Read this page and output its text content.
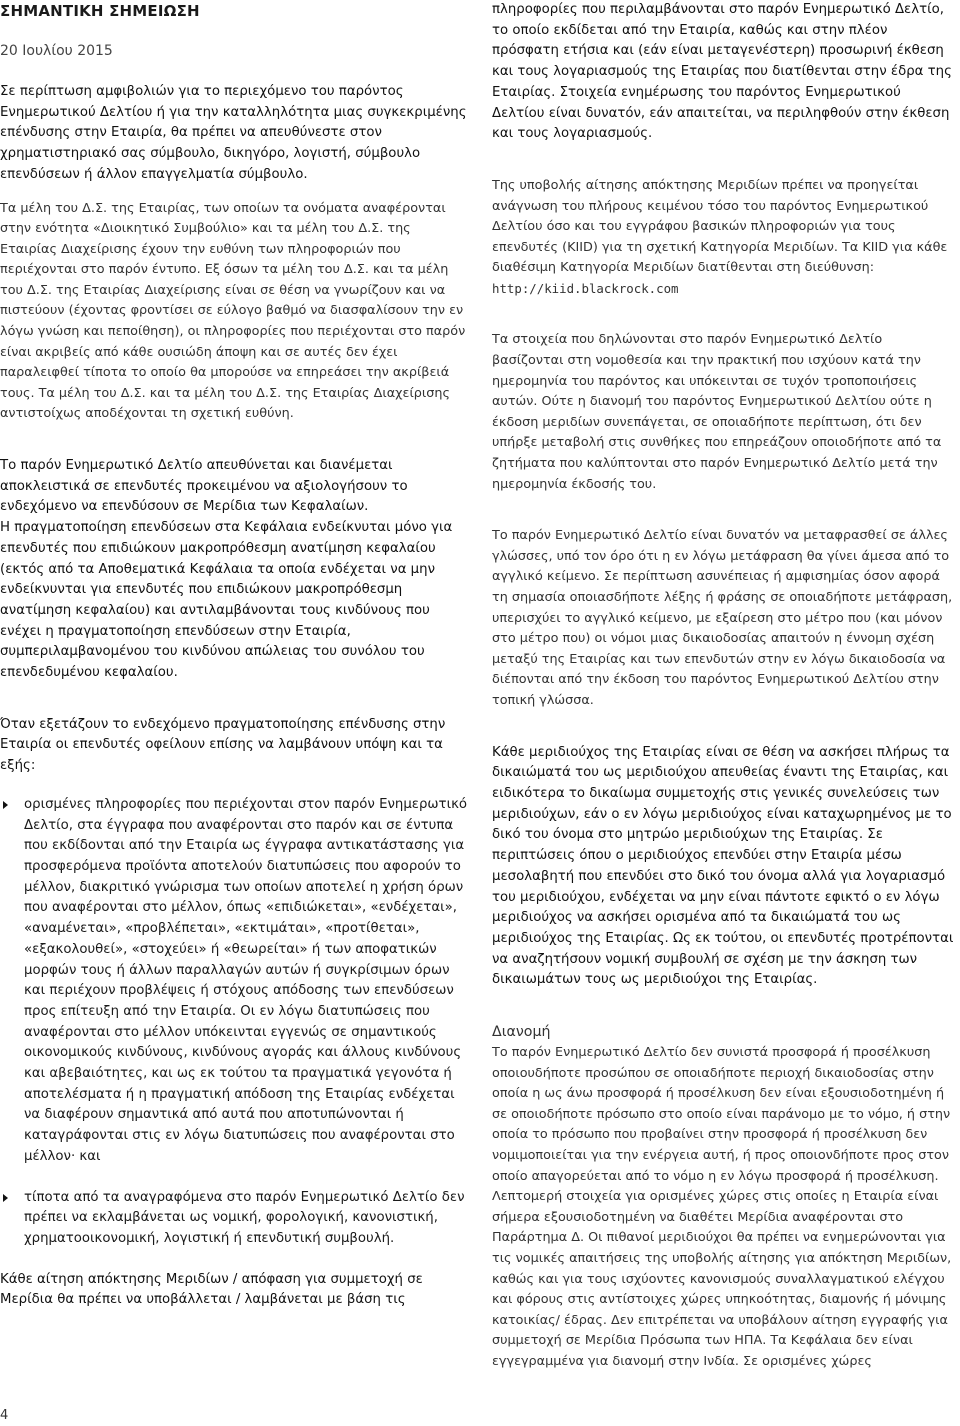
ΣΗΜΑΝΤΙΚΗ ΣΗΜΕΙΩΣΗ
20 Ιουλίου 2015

Σε περίπτωση αμφιβολιών για το περιεχόμενο του παρόντος Ενημερωτικού Δελτίου ή για την καταλληλότητα μιας συγκεκριμένης επένδυσης στην Εταιρία, θα πρέπει να απευθύνεστε στον χρηματιστηριακό σας σύμβουλο, δικηγόρο, λογιστή, σύμβουλο επενδύσεων ή άλλον επαγγελματία σύμβουλο.

Τα μέλη του Δ.Σ. της Εταιρίας, των οποίων τα ονόματα αναφέρονται στην ενότητα «Διοικητικό Συμβούλιο» και τα μέλη του Δ.Σ. της Εταιρίας Διαχείρισης έχουν την ευθύνη των πληροφοριών που περιέχονται στο παρόν έντυπο. Εξ όσων τα μέλη του Δ.Σ. και τα μέλη του Δ.Σ. της Εταιρίας Διαχείρισης είναι σε θέση να γνωρίζουν και να πιστεύουν (έχοντας φροντίσει σε εύλογο βαθμό να διασφαλίσουν την εν λόγω γνώση και πεποίθηση), οι πληροφορίες που περιέχονται στο παρόν είναι ακριβείς από κάθε ουσιώδη άποψη και σε αυτές δεν έχει παραλειφθεί τίποτα το οποίο θα μπορούσε να επηρεάσει την ακρίβειά τους. Τα μέλη του Δ.Σ. και τα μέλη του Δ.Σ. της Εταιρίας Διαχείρισης αντιστοίχως αποδέχονται τη σχετική ευθύνη.

Το παρόν Ενημερωτικό Δελτίο απευθύνεται και διανέμεται αποκλειστικά σε επενδυτές προκειμένου να αξιολογήσουν το ενδεχόμενο να επενδύσουν σε Μερίδια των Κεφαλαίων.

Η πραγματοποίηση επενδύσεων στα Κεφάλαια ενδείκνυται μόνο για επενδυτές που επιδιώκουν μακροπρόθεσμη ανατίμηση κεφαλαίου (εκτός από τα Αποθεματικά Κεφάλαια τα οποία ενδέχεται να μην ενδείκνυνται για επενδυτές που επιδιώκουν μακροπρόθεσμη ανατίμηση κεφαλαίου) και αντιλαμβάνονται τους κινδύνους που ενέχει η πραγματοποίηση επενδύσεων στην Εταιρία, συμπεριλαμβανομένου του κινδύνου απώλειας του συνόλου του επενδεδυμένου κεφαλαίου.

Όταν εξετάζουν το ενδεχόμενο πραγματοποίησης επένδυσης στην Εταιρία οι επενδυτές οφείλουν επίσης να λαμβάνουν υπόψη και τα εξής:

ορισμένες πληροφορίες που περιέχονται στον παρόν Ενημερωτικό Δελτίο, στα έγγραφα που αναφέρονται στο παρόν και σε έντυπα που εκδίδονται από την Εταιρία ως έγγραφα αντικατάστασης για προσφερόμενα προϊόντα αποτελούν διατυπώσεις που αφορούν το μέλλον, διακριτικό γνώρισμα των οποίων αποτελεί η χρήση όρων που αναφέρονται στο μέλλον, όπως «επιδιώκεται», «ενδέχεται», «αναμένεται», «προβλέπεται», «εκτιμάται», «προτίθεται», «εξακολουθεί», «στοχεύει» ή «θεωρείται» ή των αποφατικών μορφών τους ή άλλων παραλλαγών αυτών ή συγκρίσιμων όρων και περιέχουν προβλέψεις ή στόχους απόδοσης των επενδύσεων προς επίτευξη από την Εταιρία. Οι εν λόγω διατυπώσεις που αναφέρονται στο μέλλον υπόκεινται εγγενώς σε σημαντικούς οικονομικούς κινδύνους, κινδύνους αγοράς και άλλους κινδύνους και αβεβαιότητες, και ως εκ τούτου τα πραγματικά γεγονότα ή αποτελέσματα ή η πραγματική απόδοση της Εταιρίας ενδέχεται να διαφέρουν σημαντικά από αυτά που αποτυπώνονται ή καταγράφονται στις εν λόγω διατυπώσεις που αναφέρονται στο μέλλον· και
τίποτα από τα αναγραφόμενα στο παρόν Ενημερωτικό Δελτίο δεν πρέπει να εκλαμβάνεται ως νομική, φορολογική, κανονιστική, χρηματοοικονομική, λογιστική ή επενδυτική συμβουλή.

Κάθε αίτηση απόκτησης Μεριδίων / απόφαση για συμμετοχή σε Μερίδια θα πρέπει να υποβάλλεται / λαμβάνεται με βάση τις

πληροφορίες που περιλαμβάνονται στο παρόν Ενημερωτικό Δελτίο, το οποίο εκδίδεται από την Εταιρία, καθώς και στην πλέον πρόσφατη ετήσια και (εάν είναι μεταγενέστερη) προσωρινή έκθεση και τους λογαριασμούς της Εταιρίας που διατίθενται στην έδρα της Εταιρίας. Στοιχεία ενημέρωσης του παρόντος Ενημερωτικού Δελτίου είναι δυνατόν, εάν απαιτείται, να περιληφθούν στην έκθεση και τους λογαριασμούς.

Της υποβολής αίτησης απόκτησης Μεριδίων πρέπει να προηγείται ανάγνωση του πλήρους κειμένου τόσο του παρόντος Ενημερωτικού Δελτίου όσο και του εγγράφου βασικών πληροφοριών για τους επενδυτές (KIID) για τη σχετική Κατηγορία Μεριδίων. Τα KIID για κάθε διαθέσιμη Κατηγορία Μεριδίων διατίθενται στη διεύθυνση:

http://kiid.blackrock.com

Τα στοιχεία που δηλώνονται στο παρόν Ενημερωτικό Δελτίο βασίζονται στη νομοθεσία και την πρακτική που ισχύουν κατά την ημερομηνία του παρόντος και υπόκεινται σε τυχόν τροποποιήσεις αυτών. Ούτε η διανομή του παρόντος Ενημερωτικού Δελτίου ούτε η έκδοση μεριδίων συνεπάγεται, σε οποιαδήποτε περίπτωση, ότι δεν υπήρξε μεταβολή στις συνθήκες που επηρεάζουν οποιοδήποτε από τα ζητήματα που καλύπτονται στο παρόν Ενημερωτικό Δελτίο μετά την ημερομηνία έκδοσής του.

Το παρόν Ενημερωτικό Δελτίο είναι δυνατόν να μεταφρασθεί σε άλλες γλώσσες, υπό τον όρο ότι η εν λόγω μετάφραση θα γίνει άμεσα από το αγγλικό κείμενο. Σε περίπτωση ασυνέπειας ή αμφισημίας όσον αφορά τη σημασία οποιασδήποτε λέξης ή φράσης σε οποιαδήποτε μετάφραση, υπερισχύει το αγγλικό κείμενο, με εξαίρεση στο μέτρο που (και μόνον στο μέτρο που) οι νόμοι μιας δικαιοδοσίας απαιτούν η έννομη σχέση μεταξύ της Εταιρίας και των επενδυτών στην εν λόγω δικαιοδοσία να διέπονται από την έκδοση του παρόντος Ενημερωτικού Δελτίου στην τοπική γλώσσα.

Κάθε μεριδιούχος της Εταιρίας είναι σε θέση να ασκήσει πλήρως τα δικαιώματά του ως μεριδιούχου απευθείας έναντι της Εταιρίας, και ειδικότερα το δικαίωμα συμμετοχής στις γενικές συνελεύσεις των μεριδιούχων, εάν ο εν λόγω μεριδιούχος είναι καταχωρημένος με το δικό του όνομα στο μητρώο μεριδιούχων της Εταιρίας. Σε περιπτώσεις όπου ο μεριδιούχος επενδύει στην Εταιρία μέσω μεσολαβητή που επενδύει στο δικό του όνομα αλλά για λογαριασμό του μεριδιούχου, ενδέχεται να μην είναι πάντοτε εφικτό ο εν λόγω μεριδιούχος να ασκήσει ορισμένα από τα δικαιώματά του ως μεριδιούχος της Εταιρίας. Ως εκ τούτου, οι επενδυτές προτρέπονται να αναζητήσουν νομική συμβουλή σε σχέση με την άσκηση των δικαιωμάτων τους ως μεριδιούχοι της Εταιρίας.

Διανομή

Το παρόν Ενημερωτικό Δελτίο δεν συνιστά προσφορά ή προσέλκυση οποιουδήποτε προσώπου σε οποιαδήποτε περιοχή δικαιοδοσίας στην οποία η ως άνω προσφορά ή προσέλκυση δεν είναι εξουσιοδοτημένη ή σε οποιοδήποτε πρόσωπο στο οποίο είναι παράνομο με το νόμο, ή στην οποία το πρόσωπο που προβαίνει στην προσφορά ή προσέλκυση δεν νομιμοποιείται για την ενέργεια αυτή, ή προς οποιονδήποτε προς στον οποίο απαγορεύεται από το νόμο η εν λόγω προσφορά ή προσέλκυση. Λεπτομερή στοιχεία για ορισμένες χώρες στις οποίες η Εταιρία είναι σήμερα εξουσιοδοτημένη να διαθέτει Μερίδια αναφέρονται στο Παράρτημα Δ. Οι πιθανοί μεριδιούχοι θα πρέπει να ενημερώνονται για τις νομικές απαιτήσεις της υποβολής αίτησης για απόκτηση Μεριδίων, καθώς και για τους ισχύοντες κανονισμούς συναλλαγματικού ελέγχου και φόρους στις αντίστοιχες χώρες υπηκοότητας, διαμονής ή μόνιμης κατοικίας/ έδρας. Δεν επιτρέπεται να υποβάλουν αίτηση εγγραφής για συμμετοχή σε Μερίδια Πρόσωπα των ΗΠΑ. Τα Κεφάλαια δεν είναι εγγεγραμμένα για διανομή στην Ινδία. Σε ορισμένες χώρες

4
